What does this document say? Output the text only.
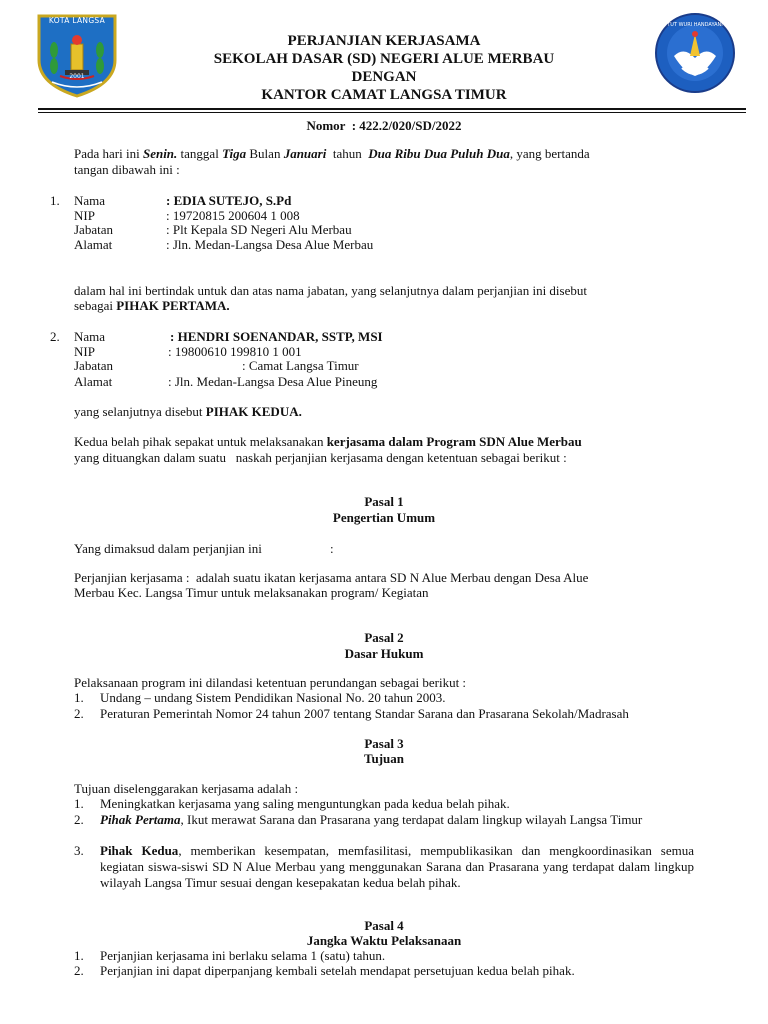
KOTA LANGSA
2001
TUT WURI HANDAYANI
PERJANJIAN KERJASAMA
SEKOLAH DASAR (SD) NEGERI ALUE MERBAU
DENGAN
KANTOR CAMAT LANGSA TIMUR
Nomor  : 422.2/020/SD/2022
Pada hari ini Senin. tanggal Tiga Bulan Januari  tahun  Dua Ribu Dua Puluh Dua, yang bertanda
tangan dibawah ini :
1. Nama	: EDIA SUTEJO, S.Pd
NIP	: 19720815 200604 1 008
Jabatan	: Plt Kepala SD Negeri Alu Merbau
Alamat	: Jln. Medan-Langsa Desa Alue Merbau
dalam hal ini bertindak untuk dan atas nama jabatan, yang selanjutnya dalam perjanjian ini disebut
sebagai PIHAK PERTAMA.
2. Nama	: HENDRI SOENANDAR, SSTP, MSI
NIP	: 19800610 199810 1 001
Jabatan	: Camat Langsa Timur
Alamat	: Jln. Medan-Langsa Desa Alue Pineung
yang selanjutnya disebut PIHAK KEDUA.
Kedua belah pihak sepakat untuk melaksanakan kerjasama dalam Program SDN Alue Merbau
yang dituangkan dalam suatu   naskah perjanjian kerjasama dengan ketentuan sebagai berikut :
Pasal 1
Pengertian Umum
Yang dimaksud dalam perjanjian ini	:
Perjanjian kerjasama :  adalah suatu ikatan kerjasama antara SD N Alue Merbau dengan Desa Alue
Merbau Kec. Langsa Timur untuk melaksanakan program/ Kegiatan
Pasal 2
Dasar Hukum
Pelaksanaan program ini dilandasi ketentuan perundangan sebagai berikut :
1. Undang – undang Sistem Pendidikan Nasional No. 20 tahun 2003.
2. Peraturan Pemerintah Nomor 24 tahun 2007 tentang Standar Sarana dan Prasarana Sekolah/Madrasah
Pasal 3
Tujuan
Tujuan diselenggarakan kerjasama adalah :
1. Meningkatkan kerjasama yang saling menguntungkan pada kedua belah pihak.
2. Pihak Pertama, Ikut merawat Sarana dan Prasarana yang terdapat dalam lingkup wilayah Langsa Timur
3. Pihak Kedua, memberikan kesempatan, memfasilitasi, mempublikasikan dan mengkoordinasikan semua kegiatan siswa-siswi SD N Alue Merbau yang menggunakan Sarana dan Prasarana yang terdapat dalam lingkup wilayah Langsa Timur sesuai dengan kesepakatan kedua belah pihak.
Pasal 4
Jangka Waktu Pelaksanaan
1. Perjanjian kerjasama ini berlaku selama 1 (satu) tahun.
2. Perjanjian ini dapat diperpanjang kembali setelah mendapat persetujuan kedua belah pihak.
